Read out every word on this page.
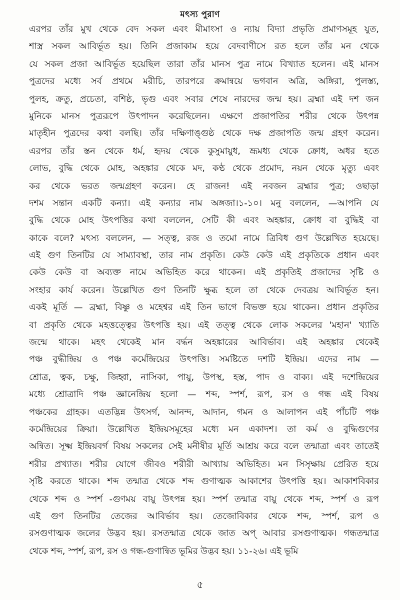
মৎস্য পুরাণ
এরপর তাঁর মুখ থেকে বেদ সকল এবং মীমাংসা ও ন্যায় বিদ্যা প্রভৃতি প্রমাণসমূহ যুত,
শাস্ত্র সকল আবির্ভূত হয়। তিনি প্রজাকাম হয়ে বেদবাণীসে রত হলে তাঁর মন থেকে
যে সকল প্রজা আবির্ভূত হয়েছিল তারা তাঁর মানস পুত্র নামে বিখ্যাত হলেন। এই মানস
পুত্রদের মধ্যে সর্ব প্রথমে মরীচি, তারপরে ক্রমান্বয়ে ভগবান অত্রি, অঙ্গিরা, পুলস্ত্য,
পুলহ, ক্রতু, প্রচেতা, বশিষ্ঠ, ভৃগু এবং সবার শেষে নারদের জন্ম হয়। ব্রহ্মা এই দশ জন
মুনিকে মানস পুত্ররূপে উৎপাদন করেছিলেন। এক্ষণে প্রজাপতির শরীর থেকে উৎপন্ন
মাতৃহীন পুত্রদের কথা বলছি। তাঁর দক্ষিণাঙ্গুষ্ঠ থেকে দক্ষ প্রজাপতি জন্ম গ্রহণ করেন।
এরপর তাঁর স্তন থেকে ধর্ম, হৃদয় থেকে কুসুমায়ুধ, ভ্রূমধ্য থেকে ক্রোধ, অধর হতে
লোভ, বুদ্ধি থেকে মোহ, অহঙ্কার থেকে মদ, কণ্ঠ থেকে প্রমোদ, নয়ন থেকে মৃত্যু এবং
কর থেকে ভরত জন্মগ্রহণ করেন। হে রাজন! এই নবজন ব্রহ্মার পুত্র; ওছাড়া
দশম সন্তান একটি কন্যা। এই কন্যার নাম অঙ্গজা।১-১০। মনু বললেন, —আপনি যে
বুদ্ধি থেকে মোহ উৎপত্তির কথা বললেন, সেটি কী এবং অহঙ্কার, ক্রোধ বা বুদ্ধিই বা
কাকে বলে? মৎস্য বললেন, — সত্ত্ব, রজ ও তমো নামে ত্রিবিধ গুণ উল্লেখিত হয়েছে।
এই গুণ তিনটির যে সাম্যাবস্থা, তার নাম প্রকৃতি। কেউ কেউ এই প্রকৃতিকে প্রধান এবং
কেউ কেউ বা অব্যক্ত নামে অভিহিত করে থাকেন। এই প্রকৃতিই প্রজাদের সৃষ্টি ও
সংহার কার্য করেন। উল্লেখিত গুণ তিনটি ক্ষুব্ধ হলে তা থেকে দেবত্রয় আবির্ভূত হন।
একই মূর্তি — ব্রহ্মা, বিষ্ণু ও মহেশ্বর এই তিন ভাগে বিভক্ত হয়ে থাকেন। প্রধান প্রকৃতির
বা প্রকৃতি থেকে মহত্তত্ত্বের উৎপত্তি হয়। এই তত্ত্ব থেকে লোক সকলের 'মহান' খ্যাতি
জন্মে থাকে। মহৎ থেকেই মান বর্দ্ধন অহঙ্কারের আবির্ভাব। এই অহঙ্কার থেকেই
পঞ্চ বুদ্ধীন্দ্রিয় ও পঞ্চ কর্মেন্দ্রিয়ের উৎপত্তি। সমষ্টিতে দশটি ইন্দ্রিয়। এদের নাম —
শ্রোত্র, ত্বক, চক্ষু, জিহ্বা, নাসিকা, পায়ু, উপস্থ, হস্ত, পাদ ও বাক্য। এই দশেন্দ্রিয়ের
মধ্যে শ্রোত্রাদি পঞ্চ জ্ঞানেন্দ্রিয় হলো — শব্দ, স্পর্শ, রূপ, রস ও গন্ধ এই বিষয়
পঞ্চকের গ্রাহক। এতদ্ভিন্ন উৎসর্গ, আনন্দ, আদান, গমন ও আলাপন এই পাঁচটি পঞ্চ
কর্মেন্দ্রিয়ের ক্রিয়া। উল্লেখিত ইন্দ্রিয়সমূহের মধ্যে মন একাদশ। তা কর্ম ও বুদ্ধিগুণের
অন্বিত। সূক্ষ্ম ইন্দ্রিয়বর্গ বিষয় সকলের সেই মনীষীর মূর্তি আশ্রয় করে বলে তন্মাত্রা এবং তাতেই
শরীর প্রখ্যাত। শরীর যোগে জীবও শরীরী আখ্যায় অভিহিত। মন সিসৃক্ষায় প্রেরিত হয়ে
সৃষ্টি করতে থাকে। শব্দ তন্মাত্র থেকে শব্দ গুণাত্মক আকাশের উৎপত্তি হয়। আকাশবিকার
থেকে শব্দ ও স্পর্শ -গুণময় বায়ু উৎপন্ন হয়। স্পর্শ তন্মাত্র বায়ু থেকে শব্দ, স্পর্শ ও রূপ
এই গুণ তিনটির তেজের আবির্ভাব হয়। তেজোবিকার থেকে শব্দ, স্পর্শ, রূপ ও
রসগুণাত্মক জলের উদ্ভব হয়। রসতন্মাত্র থেকে জাত অপ্ আবার রসগুণাত্মক। গন্ধতন্মাত্র
থেকে শব্দ, স্পর্শ, রূপ, রস ও গন্ধ-গুণান্বিত ভূমির উদ্ভব হয়। ১১-২৬। এই ভূমি
৫
